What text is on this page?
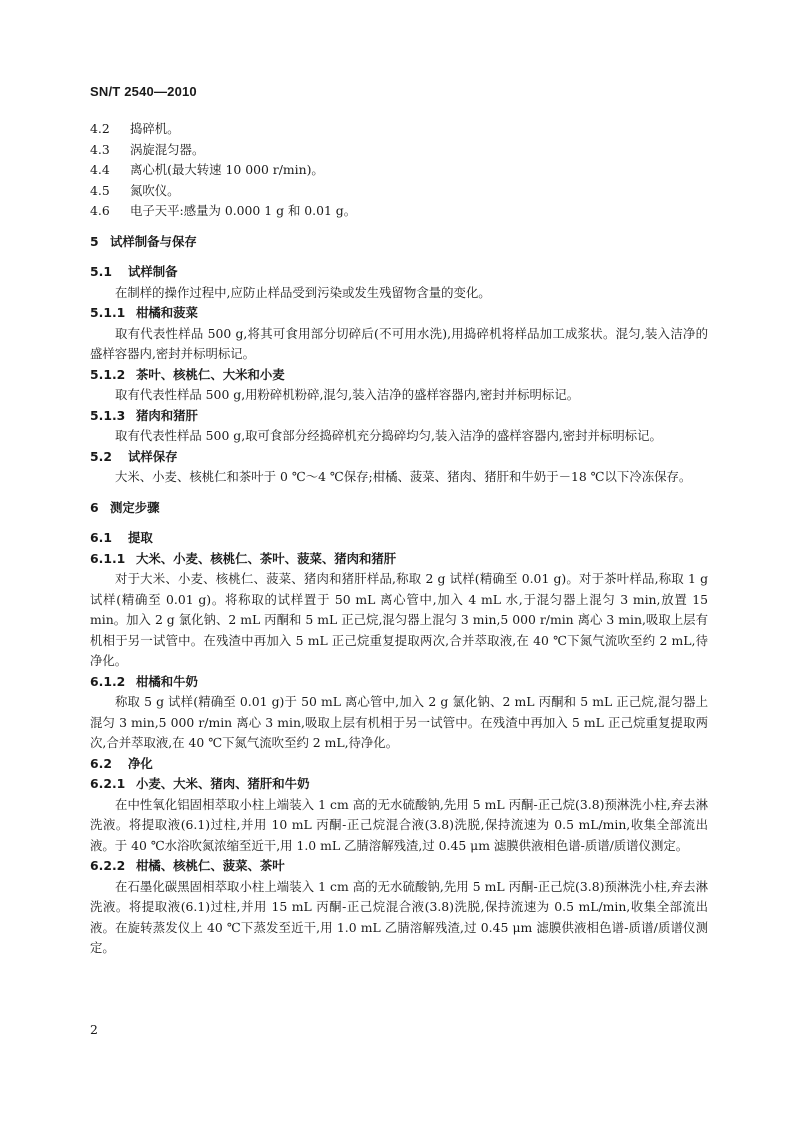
SN/T 2540—2010
4.2 捣碎机。
4.3 涡旋混匀器。
4.4 离心机(最大转速 10 000 r/min)。
4.5 氮吹仪。
4.6 电子天平:感量为 0.000 1 g 和 0.01 g。
5 试样制备与保存
5.1 试样制备
在制样的操作过程中,应防止样品受到污染或发生残留物含量的变化。
5.1.1 柑橘和菠菜
取有代表性样品 500 g,将其可食用部分切碎后(不可用水洗),用捣碎机将样品加工成浆状。混匀,装入洁净的盛样容器内,密封并标明标记。
5.1.2 茶叶、核桃仁、大米和小麦
取有代表性样品 500 g,用粉碎机粉碎,混匀,装入洁净的盛样容器内,密封并标明标记。
5.1.3 猪肉和猪肝
取有代表性样品 500 g,取可食部分经捣碎机充分捣碎均匀,装入洁净的盛样容器内,密封并标明标记。
5.2 试样保存
大米、小麦、核桃仁和茶叶于 0 ℃～4 ℃保存;柑橘、菠菜、猪肉、猪肝和牛奶于－18 ℃以下冷冻保存。
6 测定步骤
6.1 提取
6.1.1 大米、小麦、核桃仁、茶叶、菠菜、猪肉和猪肝
对于大米、小麦、核桃仁、菠菜、猪肉和猪肝样品,称取 2 g 试样(精确至 0.01 g)。对于茶叶样品,称取 1 g 试样(精确至 0.01 g)。将称取的试样置于 50 mL 离心管中,加入 4 mL 水,于混匀器上混匀 3 min,放置 15 min。加入 2 g 氯化钠、2 mL 丙酮和 5 mL 正己烷,混匀器上混匀 3 min,5 000 r/min 离心 3 min,吸取上层有机相于另一试管中。在残渣中再加入 5 mL 正己烷重复提取两次,合并萃取液,在 40 ℃下氮气流吹至约 2 mL,待净化。
6.1.2 柑橘和牛奶
称取 5 g 试样(精确至 0.01 g)于 50 mL 离心管中,加入 2 g 氯化钠、2 mL 丙酮和 5 mL 正己烷,混匀器上混匀 3 min,5 000 r/min 离心 3 min,吸取上层有机相于另一试管中。在残渣中再加入 5 mL 正己烷重复提取两次,合并萃取液,在 40 ℃下氮气流吹至约 2 mL,待净化。
6.2 净化
6.2.1 小麦、大米、猪肉、猪肝和牛奶
在中性氧化铝固相萃取小柱上端装入 1 cm 高的无水硫酸钠,先用 5 mL 丙酮-正己烷(3.8)预淋洗小柱,弃去淋洗液。将提取液(6.1)过柱,并用 10 mL 丙酮-正己烷混合液(3.8)洗脱,保持流速为 0.5 mL/min,收集全部流出液。于 40 ℃水浴吹氮浓缩至近干,用 1.0 mL 乙腈溶解残渣,过 0.45 μm 滤膜供液相色谱-质谱/质谱仪测定。
6.2.2 柑橘、核桃仁、菠菜、茶叶
在石墨化碳黑固相萃取小柱上端装入 1 cm 高的无水硫酸钠,先用 5 mL 丙酮-正己烷(3.8)预淋洗小柱,弃去淋洗液。将提取液(6.1)过柱,并用 15 mL 丙酮-正己烷混合液(3.8)洗脱,保持流速为 0.5 mL/min,收集全部流出液。在旋转蒸发仪上 40 ℃下蒸发至近干,用 1.0 mL 乙腈溶解残渣,过 0.45 μm 滤膜供液相色谱-质谱/质谱仪测定。
2
